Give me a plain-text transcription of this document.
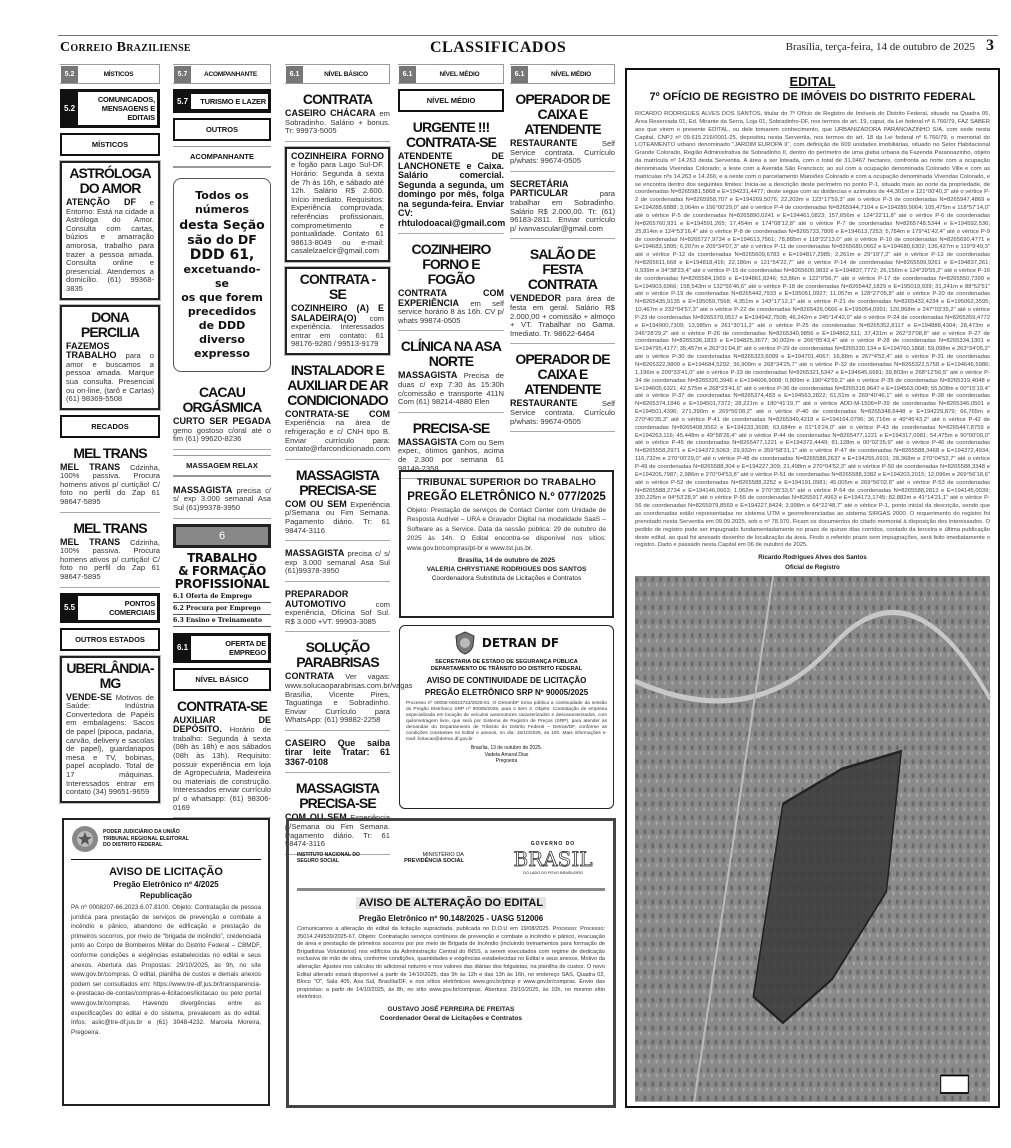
Correio Braziliense	CLASSIFICADOS	Brasília, terça-feira, 14 de outubro de 2025 3
5.2	MÍSTICOS
5.2
COMUNICADOS, MENSAGENS E EDITAIS
MÍSTICOS
ASTRÓLOGA DO AMOR
ATENÇÃO DF e Entorno: Está na cidade a Astróloga do Amor. Consulta com cartas, búzios e amarração amorosa, trabalho para trazer a pessoa amada. Consulta online e presencial. Atendemos a domicílio. (61) 99368-3835
DONA PERCILIA
FAZEMOS TRABALHO para o amor e buscamos a pessoa amada. Marque sua consulta. Presencial ou on-line, (tarô e Cartas) (61) 98369-5508
RECADOS
MEL TRANS
MEL TRANS Cdzinha, 100% passiva. Procura homens ativos p/ curtição! C/ foto no perfil do Zap 61 98647-5895
MEL TRANS
MEL TRANS Cdzinha, 100% passiva. Procura homens ativos p/ curtição! C/ foto no perfil do Zap 61 98647-5895
5.5	PONTOS COMERCIAIS
OUTROS ESTADOS
UBERLÂNDIA-MG
VENDE-SE Motivos de Saúde: Indústria Convertedora de Papéis em embalagens: Sacos de papel (pipoca, padaria, carvão, delivery e sacolas de papel), guardanapos mesa e TV, bobinas, papel acoplado. Total de 17 máquinas. Interessados entrar em contato (34) 99651-9659
5.7	ACOMPANHANTE
5.7	TURISMO E LAZER
OUTROS
ACOMPANHANTE
Todos os
números
desta Seção
são do DF
DDD 61,
excetuando-se
os que forem
precedidos
de DDD
diverso
expresso
CACAU ORGÁSMICA
CURTO SER PEGADA gemo gostoso c/oral até o fim (61) 99620-8236
MASSAGEM RELAX
MASSAGISTA precisa c/ s/ exp 3.000 semanal Asa Sul (61)99378-3950
6
TRABALHO
& FORMAÇÃO
PROFISSIONAL
6.1 Oferta de Emprego
6.2 Procura por Emprego
6.3 Ensino e Treinamento
6.1	OFERTA DE EMPREGO
NÍVEL BÁSICO
CONTRATA-SE
AUXILIAR DE DEPÓSITO. Horário de trabalho: Segunda à sexta (08h às 18h) e aos sábados (08h às 13h). Requisito: possuir experiência em loja de Agropecuária, Madeireira ou materiais de construção. Interessados enviar currículo p/ o whatsapp: (61) 98306-0169
6.1	NÍVEL BÁSICO
CONTRATA
CASEIRO CHÁCARA em Sobradinho. Salário + bonus. Tr: 99973-5005
COZINHEIRA FORNO e fogão para Lago Sul-DF. Horário: Segunda à sexta de 7h às 16h, e sábado até 12h. Salário R$ 2.600. Início imediato. Requisitos: Experiência comprovada, referências profissionais, comprometimento e pontualidade. Contato 61 98613-8049 ou e-mail: casalelzaelcir@gmail.com
CONTRATA - SE
COZINHEIRO (A) E SALADEIRA(O) com experiência. Interessados entrar em contato: 61 98176-9280 / 99513-9179
INSTALADOR E AUXILIAR DE AR CONDICIONADO
CONTRATA-SE COM Experiência na área de refrigeração e c/ CNH tipo B. Enviar currículo para: contato@rfarcondicionado.com
MASSAGISTA PRECISA-SE
COM OU SEM Experiência p/Semana ou Fim Semana. Pagamento diário. Tr: 61 98474-3116
MASSAGISTA precisa c/ s/ exp 3.000 semanal Asa Sul (61)99378-3950
PREPARADOR AUTOMOTIVO com experiência, Oficina Sof Sul. R$ 3.000 +VT. 99903-3085
SOLUÇÃO PARABRISAS
CONTRATA Ver vagas: www.solucaoparabrisas.com.br/vagas Brasília, Vicente Pires, Taguatinga e Sobradinho. Enviar Currículo para WhatsApp: (61) 99882-2258
CASEIRO Que saiba tirar leite Tratar: 61 3367-0108
MASSAGISTA PRECISA-SE
COM OU SEM Experiência p/Semana ou Fim Semana. Pagamento diário. Tr: 61 98474-3116
6.1	NÍVEL MÉDIO
NÍVEL MÉDIO
URGENTE !!! CONTRATA-SE
ATENDENTE DE LANCHONETE e Caixa. Salário comercial. Segunda a segunda, um domingo por mês, folga na segunda-feira. Enviar CV: rhtulodoacai@gmail.com
COZINHEIRO FORNO E FOGÃO
CONTRATA COM EXPERIÊNCIA em self service horário 8 às 16h. CV p/ whats 99874-0505
CLÍNICA NA ASA NORTE
MASSAGISTA Precisa de duas c/ exp 7:30 às 15:30h c/comissão e transporte 411N Com (61) 98214-4880 Elen
PRECISA-SE
MASSAGISTA Com ou Sem exper., ótimos ganhos, acima de 2.300 por semana 61 98148-2358
6.1	NÍVEL MÉDIO
OPERADOR DE CAIXA E ATENDENTE
RESTAURANTE Self Service contrata. Currículo p/whats: 99674-0505
SECRETÁRIA PARTICULAR para trabalhar em Sobradinho. Salário R$ 2.000,00. Tr: (61) 96183-2811. Enviar currículo p/ ivanvascular@gmail.com
SALÃO DE FESTA CONTRATA
VENDEDOR para área de festa em geral. Salário R$ 2.000,00 + comissão + almoço + VT. Trabalhar no Gama. Imediato. Tr. 98622-6464
OPERADOR DE CAIXA E ATENDENTE
RESTAURANTE Self Service contrata. Currículo p/whats: 99674-0505
TRIBUNAL SUPERIOR DO TRABALHO
PREGÃO ELETRÔNICO N.º 077/2025

Objeto: Prestação de serviços de Contact Center com Unidade de Resposta Audível – URA e Gravador Digital na modalidade SaaS – Software as a Service. Data da sessão pública: 29 de outubro de 2025 às 14h. O Edital encontra-se disponível nos sítios: www.gov.br/compras/pt-br e www.tst.jus.br.

Brasília, 14 de outubro de 2025
VALERIA CHRYSTIANE RODRIGUES DOS SANTOS
Coordenadora Substituta de Licitações e Contratos
DETRAN DF
SECRETARIA DE ESTADO DE SEGURANÇA PÚBLICA
DEPARTAMENTO DE TRÂNSITO DO DISTRITO FEDERAL
AVISO DE CONTINUIDADE DE LICITAÇÃO
PREGÃO ELETRÔNICO SRP Nº 90005/2025

Processo nº 00055-00023722/2025-81. O DetranDF torna pública a continuidade da sessão do Pregão Eletrônico SRP nº 90005/2025, para o item 3. Objeto: Contratação de empresa especializada em locação de veículos automotores caracterizados e descaracterizados, com quilometragem livre, que será por Sistema de Registro de Preços (SRP), para atender às demandas do Departamento de Trânsito do Distrito Federal – Detran/DF, conforme as condições constantes no Edital e anexos, no dia: 15/10/2025, às 10h. Mais informações e-mail: licitacao@detran.df.gov.br

Brasília, 13 de outubro de 2025.
Vadeta Amaral Dias
Pregoeira
PODER JUDICIÁRIO DA UNIÃO
TRIBUNAL REGIONAL ELEITORAL
DO DISTRITO FEDERAL
AVISO DE LICITAÇÃO
Pregão Eletrônico nº 4/2025
Republicação

PA nº 0008207-66.2023.6.07.8100. Objeto: Contratação de pessoa jurídica para prestação de serviços de prevenção e combate a incêndio e pânico, abandono de edificação e prestação de primeiros socorros, por meio de "brigada de incêndio", credenciada junto ao Corpo de Bombeiros Militar do Distrito Federal – CBMDF, conforme condições e exigências estabelecidas no edital e seus anexos. Abertura das Propostas: 29/10/2025, às 9h, no site www.gov.br/compras. O edital, planilha de custos e demais anexos podem ser consultados em: https://www.tre-df.jus.br/transparencia-e-prestacao-de-contas/compras-e-licitacoes/licitacao ou pelo portal www.gov.br/compras. Havendo divergências entre as especificações do edital e do sistema, prevalecem as do edital. Infos: aslic@tre-df.jus.br e (61) 3048-4232. Marcela Moreira, Pregoeira.

INSTITUTO NACIONAL DO SEGURO SOCIAL
MINISTÉRIO DA
PREVIDÊNCIA SOCIAL
GOVERNO DO
BRASIL
DO LADO DO POVO BRASILEIRO
AVISO DE ALTERAÇÃO DO EDITAL
Pregão Eletrônico nº 90.148/2025 - UASG 512006

Comunicamos a alteração do edital da licitação supracitada, publicada no D.O.U em 19/08/2025. Processo: Processo: 35014.249539/2025-67. Objeto: Contratação serviços contínuos de prevenção e combate a incêndio e pânico, evacuação de área e prestação de primeiros socorros por por meio de Brigada de Incêndio (incluindo treinamentos para formação de Brigadistas Voluntários) nos edifícios da Administração Central do INSS, a serem executados com regime de dedicação exclusiva de mão de obra, conforme condições, quantidades e exigências estabelecidas no Edital e seus anexos. Motivo da alteração: Ajustes nos cálculos do adicional noturno e nos valores das diárias dos folguistas, na planilha de custos. O novo Edital alterado estará disponível a partir de 14/10/2025, das 9h às 12h e das 13h às 16h, no endereço SAS, Quadra 02, Bloco "O", Sala 405, Asa Sul, Brasília/DF, e nos sítios eletrônicos www.gov.br/pncp e www.gov.br/compras. Envio das propostas: a partir de 14/10/2025, às 8h, no sítio www.gov.br/compras. Abertura: 29/10/2025, às 10h, no mesmo sítio eletrônico.

GUSTAVO JOSÉ FERREIRA DE FREITAS
Coordenador Geral de Licitações e Contratos
EDITAL
7º OFÍCIO DE REGISTRO DE IMÓVEIS DO DISTRITO FEDERAL

RICARDO RODRIGUES ALVES DOS SANTOS, titular do 7º Ofício de Registro de Imóveis do Distrito Federal, situado na Quadra 05, Área Reservada 01, Ed. Mirante da Serra, Loja 01, Sobradinho-DF, nos termos do art. 19, caput, da Lei federal nº 6.766/79, FAZ SABER aos que virem o presente EDITAL, ou dele tomarem conhecimento, que URBANIZADORA PARANOAZINHO S/A, com sede nesta Capital, CNPJ nº 09.615.216/0001-25, depositou nesta Serventia, nos termos do art. 18 da Lei federal nº 6.766/79, o memorial do LOTEAMENTO urbano denominado "JARDIM EUROPA II", com definição de 609 unidades imobiliárias, situado no Setor Habitacional Grande Colorado, Região Administrativa de Sobradinho II, dentro do perímetro de uma gleba urbana da Fazenda Paranoazinho, objeto da matrícula nº 14.263 desta Serventia. A área a ser loteada, com o total de 31,0467 hectares, confronta ao norte com a ocupação denominada Vivendas Colorado; a leste com a Avenida São Francisco; ao sul com a ocupação denominada Colorado Ville e com as matrículas nºs 14.263 e 14.266; e a oeste com o parcelamento Mansões Colorado e com a ocupação denominada Vivendas Colorado, e se encontra dentro dos seguintes limites: Inicia-se a descrição deste perímetro no ponto P-1, situado mais ao norte da propriedade, de coordenadas N=8265981,5868 e E=194231,4477; deste segue com as distâncias e azimutes de 44,301m e 121°00'40,3" até o vértice P-2 de coordenadas N=8265958,707 e E=194269,5076; 22,203m e 123°17'59,3" até o vértice P-3 de coordenadas N=8265947,4869 e E=194288,6888; 3,064m e 156°00'29,0" até o vértice P-4 de coordenadas N=8265944,7104 e E=194289,9064; 105,475m e 118°57'14,0" até o vértice P-5 de coordenadas N=8265890,0241 e E=194461,0823; 157,656m e 124°22'11,8" até o vértice P-6 de coordenadas N=8265760,931 e E=194591,265; 17,454m e 174°08'12,8" até o vértice P-7 de coordenadas N=8265748,5344 e E=194592,536; 25,814m e 124°53'16,4" até o vértice P-8 de coordenadas N=8265733,7806 e E=194613,7253; 5,784m e 179°41'42,4" até o vértice P-9 de coordenadas N=8265727,9734 e E=194613,7561; 78,885m e 118°22'13,0" até o vértice P-10 de coordenadas N=8265690,4771 e E=194683,1895; 6,207m e 209°34'07,3" até o vértice P-11 de coordenadas N=8265680,0662 e E=194680,6302; 136,427m e 119°9'49,3" até o vértice P-12 de coordenadas N=8265609,6783 e E=194817,2985; 2,261m e 29°19'7,2" até o vértice P-13 de coordenadas N=8265611,668 e E=194818,416; 22,186m e 121°54'22,7" até o vértice P-14 de coordenadas N=8265599,9261 e E=194837,261; 0,939m e 34°38'23,4" até o vértice P-15 de coordenadas N=8265600,9832 e E=194837,7772; 26,156m e 124°39'55,2" até o vértice P-16 de coordenadas N=8265584,1569 e E=194861,8246; 53,86m e 122°0'56,7" até o vértice P-17 de coordenadas N=8265550,7399 e E=194903,6966; 158,543m e 132°56'46,6" até o vértice P-18 de coordenadas N=8265442,1829 e E=195019,939; 31,241m e 88°52'51" até o vértice P-19 de coordenadas N=8265442,7933 e E=195051,0927; 11,057m e 128°27'05,8" até o vértice P-20 de coordenadas N=8265435,9135 e E=195059,7568; 4,351m e 143°17'12,1" até o vértice P-21 de coordenadas N=8265432,4234 e E=195062,3595; 10,467m e 232°04'57,3" até o vértice P-22 de coordenadas N=8265426,0666 e E=195054,0991; 120,868m e 247°03'35,2" até o vértice P-23 de coordenadas N=8265379,0517 e E=194942,7508; 46,242m e 245°14'42,0" até o vértice P-24 de coordenadas N=8265359,4772 e E=194900,7309; 13,985m e 261°30'11,2" até o vértice P-25 de coordenadas N=8265352,8117 e E=194888,4304; 28,473m e 246°28'29,2" até o vértice P-26 de coordenadas N=8265340,9856 e E=194862,511; 37,431m e 262°37'08,8" até o vértice P-27 de coordenadas N=8265336,1833 e E=194825,3677; 30,002m e 266°05'43,4" até o vértice P-28 de coordenadas N=8265334,1301 e E=194795,4177; 35,457m e 263°31'04,8" até o vértice P-29 de coordenadas N=8265330,134 e E=194760,1868; 59,098m e 263°34'05,2" até o vértice P-30 de coordenadas N=8265323,6099 e E=194701,4067; 16,88m e 267°4'52,4" até o vértice P-31 de coordenadas N=8265322,9809 e E=194684,5292; 36,909m e 268°34'25,7" até o vértice P-32 de coordenadas N=8265322,5758 e E=194646,5986; 1,196m e 209°33'41,0" até o vértice P-33 de coordenadas N=8265321,5347 e E=194645,6681; 39,803m e 268°12'56,5" até o vértice P-34 de coordenadas N=8265320,3946 e E=194606,9008; 0,809m e 190°42'59,2" até o vértice P-35 de coordenadas N=8265319,4048 e E=194605,6321; 42,575m e 268°23'41,6" até o vértice P-36 de coordenadas N=8265318,9647 e E=194563,0048; 55,508m e 00°15'19,4" até o vértice P-37 de coordenadas N=8265374,483 e E=194563,2822; 61,51m e 269°40'46,1" até o vértice P-38 de coordenadas N=8265374,1846 e E=194501,7372; 28,221m e 180°41'19,7" até o vértice ADD-M-1506=P-39 de coordenadas N=8265346,0501 e E=194501,4396; 271,390m e 269°56'08,2" até o vértice P-40 de coordenadas N=8265348,6448 e E=194229,879; 66,765m e 270°40'35,3" até o vértice P-41 de coordenadas N=8265349,4218 e E=194164,0796; 36,716m e 49°45'43,2" até o vértice P-42 de coordenadas N=8265408,9562 e E=194233,3698; 63,684m e 01°19'24,0" até o vértice P-43 de coordenadas N=8265447,8759 e E=194263,116; 45,448m e 49°58'26,4" até o vértice P-44 de coordenadas N=8265477,1221 e E=194317,0981; 54,475m e 90°00'00,0" até o vértice P-45 de coordenadas N=8265477,1221 e E=194372,4449; 81,128m e 00°02'35,9" até o vértice P-46 de coordenadas N=8265558,2971 e E=194372,5063; 29,932m e 359°58'31,1" até o vértice P-47 de coordenadas N=8265588,3468 e E=194372,4934; 116,732m e 270°00'29,0" até o vértice P-48 de coordenadas N=8265588,2637 e E=194255,6931; 28,368m e 270°04'52,7" até o vértice P-49 de coordenadas N=8265588,304 e E=194227,309; 21,498m e 270°04'52,3" até o vértice P-50 de coordenadas N=8265588,3348 e E=194205,7987; 2,986m e 270°04'53,8" até o vértice P-51 de coordenadas N=8265588,3382 e E=194203,2015; 12,096m e 269°56'18,6" até o vértice P-52 de coordenadas N=8265588,3252 e E=194191,0981; 45,005m e 269°56'02,8" até o vértice P-53 de coordenadas N=8265588,2734 e E=194146,0663; 1,062m e 270°35'33,6" até o vértice P-54 de coordenadas N=8265588,2813 e E=194145,0039; 330,225m e 04°53'28,9" até o vértice P-55 de coordenadas N=8265917,4963 e E=194173,1745; 82,882m e 41°14'21,1" até o vértice P-56 de coordenadas N=8265979,8569 e E=194227,8424; 3,998m e 64°22'48,7" até o vértice P-1, ponto inicial da descrição, sendo que as coordenadas estão representadas no sistema UTM e georreferenciadas ao sistema SIRGAS 2000. O requerimento do registro foi prenotado nesta Serventia em 09.09.2025, sob o nº 78.970. Ficam os documentos do citado memorial à disposição dos interessados. O pedido de registro pode ser impugnado fundamentadamente no prazo de quinze dias corridos, contado da terceira e última publicação deste edital, ao qual foi anexado desenho de localização da área. Findo o referido prazo sem impugnações, será feito imediatamente o registro. Dado e passado nesta Capital em 06 de outubro de 2025.

Ricardo Rodrigues Alves dos Santos
Oficial de Registro
